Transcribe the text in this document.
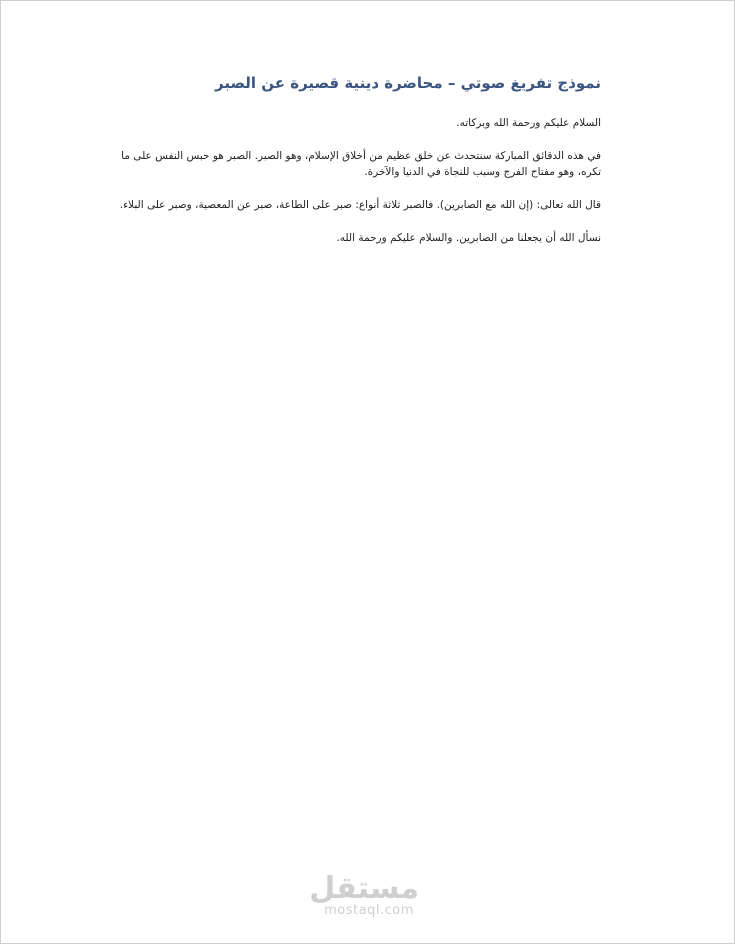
نموذج تفريغ صوتي – محاضرة دينية قصيرة عن الصبر

السلام عليكم ورحمة الله وبركاته.

في هذه الدقائق المباركة سنتحدث عن خلق عظيم من أخلاق الإسلام، وهو الصبر. الصبر هو حبس النفس على ما تكره، وهو مفتاح الفرج وسبب للنجاة في الدنيا والآخرة.

قال الله تعالى: (إن الله مع الصابرين). فالصبر ثلاثة أنواع: صبر على الطاعة، صبر عن المعصية، وصبر على البلاء.

نسأل الله أن يجعلنا من الصابرين. والسلام عليكم ورحمة الله.

مستقل
mostaql.com
